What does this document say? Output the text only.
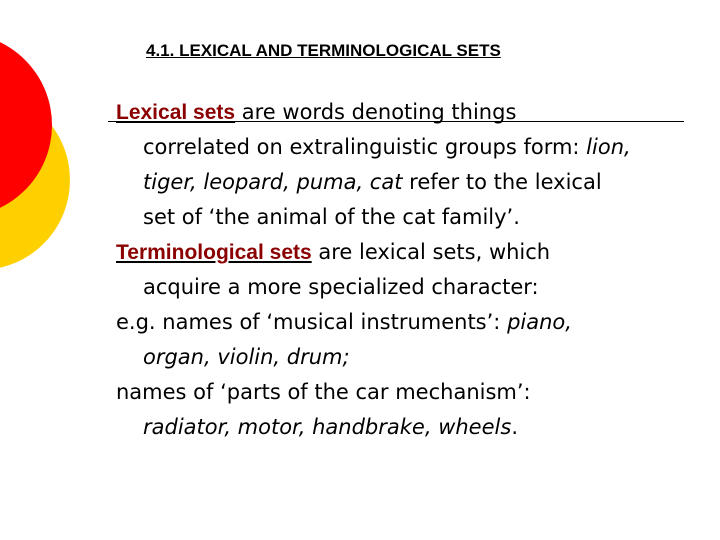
4.1. LEXICAL AND TERMINOLOGICAL SETS
Lexical sets are words denoting things
correlated on extralinguistic groups form: lion,
tiger, leopard, puma, cat refer to the lexical
set of ‘the animal of the cat family’.
Terminological sets are lexical sets, which
acquire a more specialized character:
e.g. names of ‘musical instruments’: piano,
organ, violin, drum;
names of ‘parts of the car mechanism’:
radiator, motor, handbrake, wheels.
